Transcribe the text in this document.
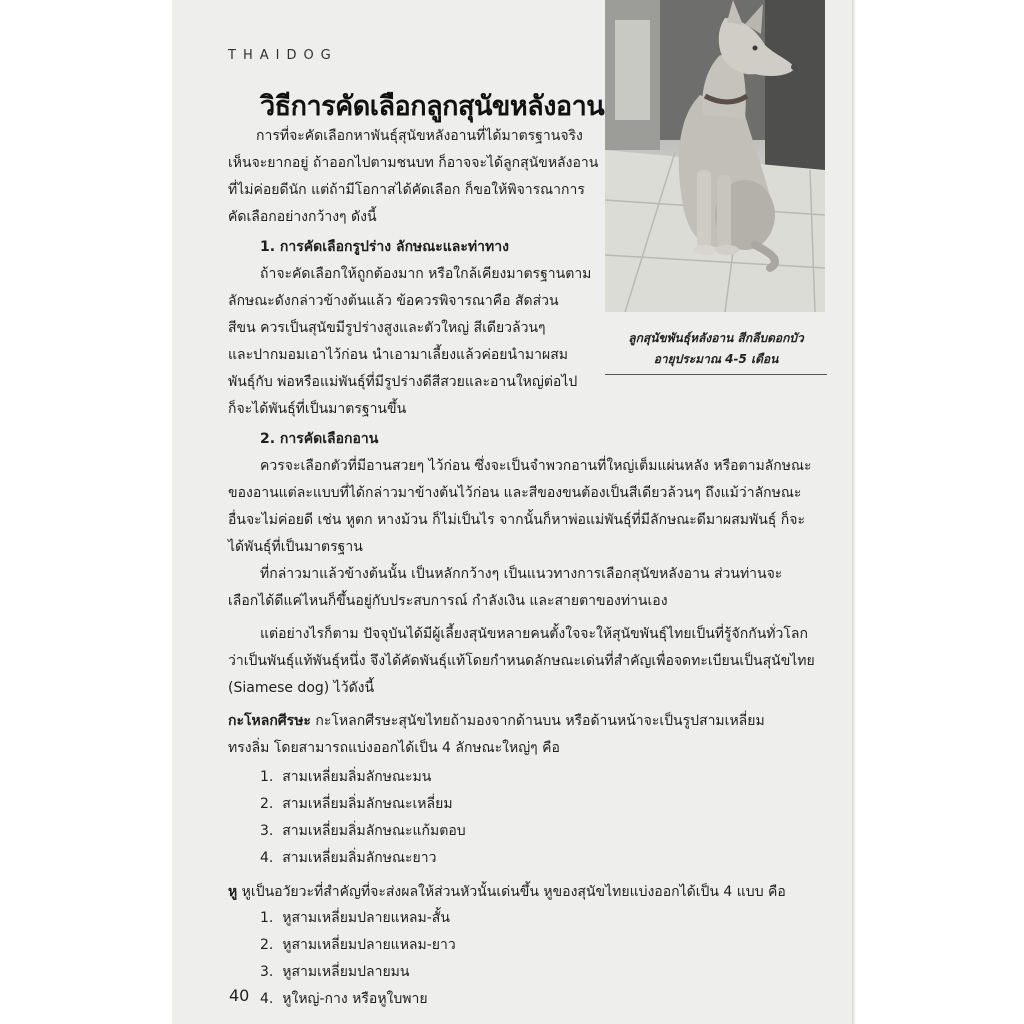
THAIDOG
ลูกสุนัขพันธุ์หลังอาน สีกลีบดอกบัว
อายุประมาณ 4-5 เดือน
วิธีการคัดเลือกลูกสุนัขหลังอาน
การที่จะคัดเลือกหาพันธุ์สุนัขหลังอานที่ได้มาตรฐานจริง
เห็นจะยากอยู่ ถ้าออกไปตามชนบท ก็อาจจะได้ลูกสุนัขหลังอาน
ที่ไม่ค่อยดีนัก แต่ถ้ามีโอกาสได้คัดเลือก ก็ขอให้พิจารณาการ
คัดเลือกอย่างกว้างๆ ดังนี้
1. การคัดเลือกรูปร่าง ลักษณะและท่าทาง
ถ้าจะคัดเลือกให้ถูกต้องมาก หรือใกล้เคียงมาตรฐานตาม
ลักษณะดังกล่าวข้างต้นแล้ว ข้อควรพิจารณาคือ สัดส่วน
สีขน ควรเป็นสุนัขมีรูปร่างสูงและตัวใหญ่ สีเดียวล้วนๆ
และปากมอมเอาไว้ก่อน นำเอามาเลี้ยงแล้วค่อยนำมาผสม
พันธุ์กับ พ่อหรือแม่พันธุ์ที่มีรูปร่างดีสีสวยและอานใหญ่ต่อไป
ก็จะได้พันธุ์ที่เป็นมาตรฐานขึ้น
2. การคัดเลือกอาน
ควรจะเลือกตัวที่มีอานสวยๆ ไว้ก่อน ซึ่งจะเป็นจำพวกอานที่ใหญ่เต็มแผ่นหลัง หรือตามลักษณะ
ของอานแต่ละแบบที่ได้กล่าวมาข้างต้นไว้ก่อน และสีของขนต้องเป็นสีเดียวล้วนๆ ถึงแม้ว่าลักษณะ
อื่นจะไม่ค่อยดี เช่น หูตก หางม้วน ก็ไม่เป็นไร จากนั้นก็หาพ่อแม่พันธุ์ที่มีลักษณะดีมาผสมพันธุ์ ก็จะ
ได้พันธุ์ที่เป็นมาตรฐาน
ที่กล่าวมาแล้วข้างต้นนั้น เป็นหลักกว้างๆ เป็นแนวทางการเลือกสุนัขหลังอาน ส่วนท่านจะ
เลือกได้ดีแค่ไหนก็ขึ้นอยู่กับประสบการณ์ กำลังเงิน และสายตาของท่านเอง
แต่อย่างไรก็ตาม ปัจจุบันได้มีผู้เลี้ยงสุนัขหลายคนตั้งใจจะให้สุนัขพันธุ์ไทยเป็นที่รู้จักกันทั่วโลก
ว่าเป็นพันธุ์แท้พันธุ์หนึ่ง จึงได้คัดพันธุ์แท้โดยกำหนดลักษณะเด่นที่สำคัญเพื่อจดทะเบียนเป็นสุนัขไทย
(Siamese dog) ไว้ดังนี้
กะโหลกศีรษะ กะโหลกศีรษะสุนัขไทยถ้ามองจากด้านบน หรือด้านหน้าจะเป็นรูปสามเหลี่ยม
ทรงลิ่ม โดยสามารถแบ่งออกได้เป็น 4 ลักษณะใหญ่ๆ คือ
1. สามเหลี่ยมลิ่มลักษณะมน
2. สามเหลี่ยมลิ่มลักษณะเหลี่ยม
3. สามเหลี่ยมลิ่มลักษณะแก้มตอบ
4. สามเหลี่ยมลิ่มลักษณะยาว
หู หูเป็นอวัยวะที่สำคัญที่จะส่งผลให้ส่วนหัวนั้นเด่นขึ้น หูของสุนัขไทยแบ่งออกได้เป็น 4 แบบ คือ
1. หูสามเหลี่ยมปลายแหลม-สั้น
2. หูสามเหลี่ยมปลายแหลม-ยาว
3. หูสามเหลี่ยมปลายมน
4. หูใหญ่-กาง หรือหูใบพาย
40
